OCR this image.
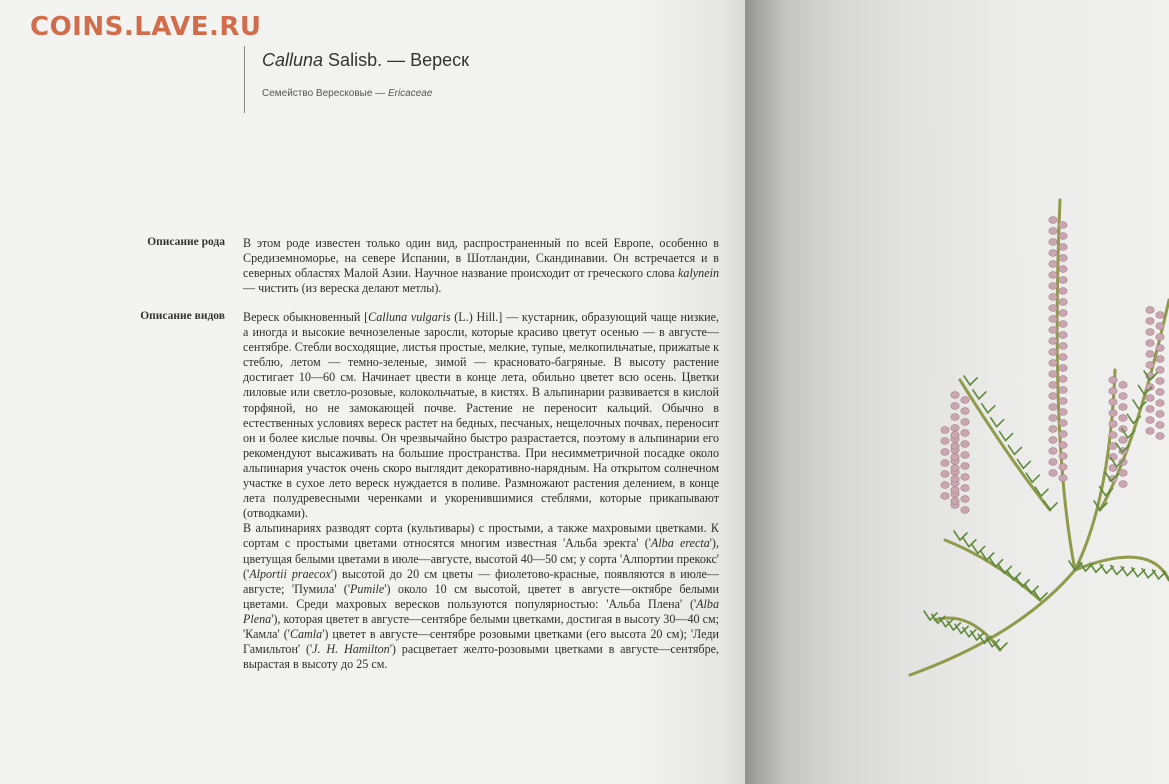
COINS.LAVE.RU
Calluna Salisb. — Вереск
Семейство Вересковые — Ericaceae
Описание рода В этом роде известен только один вид, распространенный по всей Европе, особенно в Средиземноморье, на севере Испании, в Шотландии, Скандинавии. Он встречается и в северных областях Малой Азии. Научное название происходит от греческого слова kalynein — чистить (из вереска делают метлы).

Описание видов Вереск обыкновенный [Calluna vulgaris (L.) Hill.] — кустарник, образующий чаще низкие, а иногда и высокие вечнозеленые заросли, которые красиво цветут осенью — в августе—сентябре. Стебли восходящие, листья простые, мелкие, тупые, мелкопильчатые, прижатые к стеблю, летом — темно-зеленые, зимой — красновато-багряные. В высоту растение достигает 10—60 см. Начинает цвести в конце лета, обильно цветет всю осень. Цветки лиловые или светло-розовые, колокольчатые, в кистях. В альпинарии развивается в кислой торфяной, но не замокающей почве. Растение не переносит кальций. Обычно в естественных условиях вереск растет на бедных, песчаных, нещелочных почвах, переносит он и более кислые почвы. Он чрезвычайно быстро разрастается, поэтому в альпинарии его рекомендуют высаживать на большие пространства. При несимметричной посадке около альпинария участок очень скоро выглядит декоративно-нарядным. На открытом солнечном участке в сухое лето вереск нуждается в поливе. Размножают растения делением, в конце лета полудревесными черенками и укоренившимися стеблями, которые прикапывают (отводками).

В альпинариях разводят сорта (культивары) с простыми, а также махровыми цветками. К сортам с простыми цветами относятся многим известная 'Альба эректа' ('Alba erecta'), цветущая белыми цветами в июле—августе, высотой 40—50 см; у сорта 'Алпортии прекокс' ('Alportii praecox') высотой до 20 см цветы — фиолетово-красные, появляются в июле—августе; 'Пумила' ('Pumile') около 10 см высотой, цветет в августе—октябре белыми цветами. Среди махровых вересков пользуются популярностью: 'Альба Плена' ('Alba Plena'), которая цветет в августе—сентябре белыми цветками, достигая в высоту 30—40 см; 'Камла' ('Camla') цветет в августе—сентябре розовыми цветками (его высота 20 см); 'Леди Гамильтон' ('J. H. Hamilton') расцветает желто-розовыми цветками в августе—сентябре, вырастая в высоту до 25 см.
